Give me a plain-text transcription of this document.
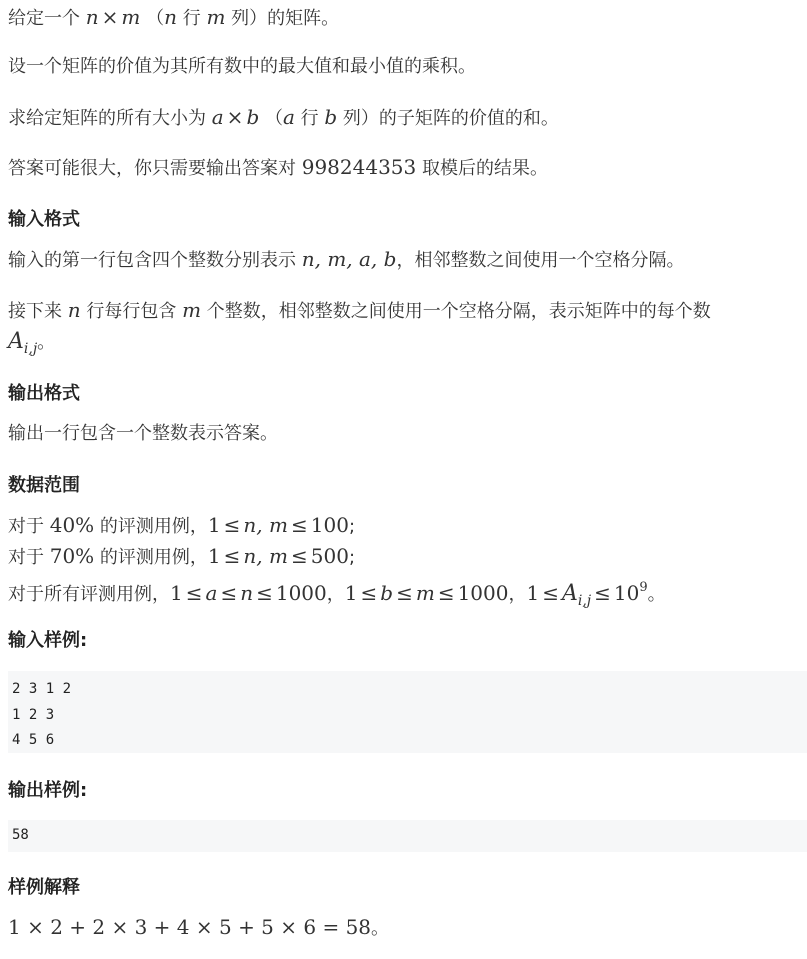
给定一个 n × m （n 行 m 列）的矩阵。
设一个矩阵的价值为其所有数中的最大值和最小值的乘积。
求给定矩阵的所有大小为 a × b （a 行 b 列）的子矩阵的价值的和。
答案可能很大，你只需要输出答案对 998244353 取模后的结果。
输入格式
输入的第一行包含四个整数分别表示 n, m, a, b，相邻整数之间使用一个空格分隔。
接下来 n 行每行包含 m 个整数，相邻整数之间使用一个空格分隔，表示矩阵中的每个数
$A_{i,j}$。
输出格式
输出一行包含一个整数表示答案。
数据范围
对于 40% 的评测用例，1 ≤ n, m ≤ 100;
对于 70% 的评测用例，1 ≤ n, m ≤ 500;
对于所有评测用例，1 ≤ a ≤ n ≤ 1000，1 ≤ b ≤ m ≤ 1000，$1 \le A_{i,j} \le 10^9$。
输入样例:
2 3 1 2
1 2 3
4 5 6
输出样例:
58
样例解释
1 × 2 + 2 × 3 + 4 × 5 + 5 × 6 = 58。
